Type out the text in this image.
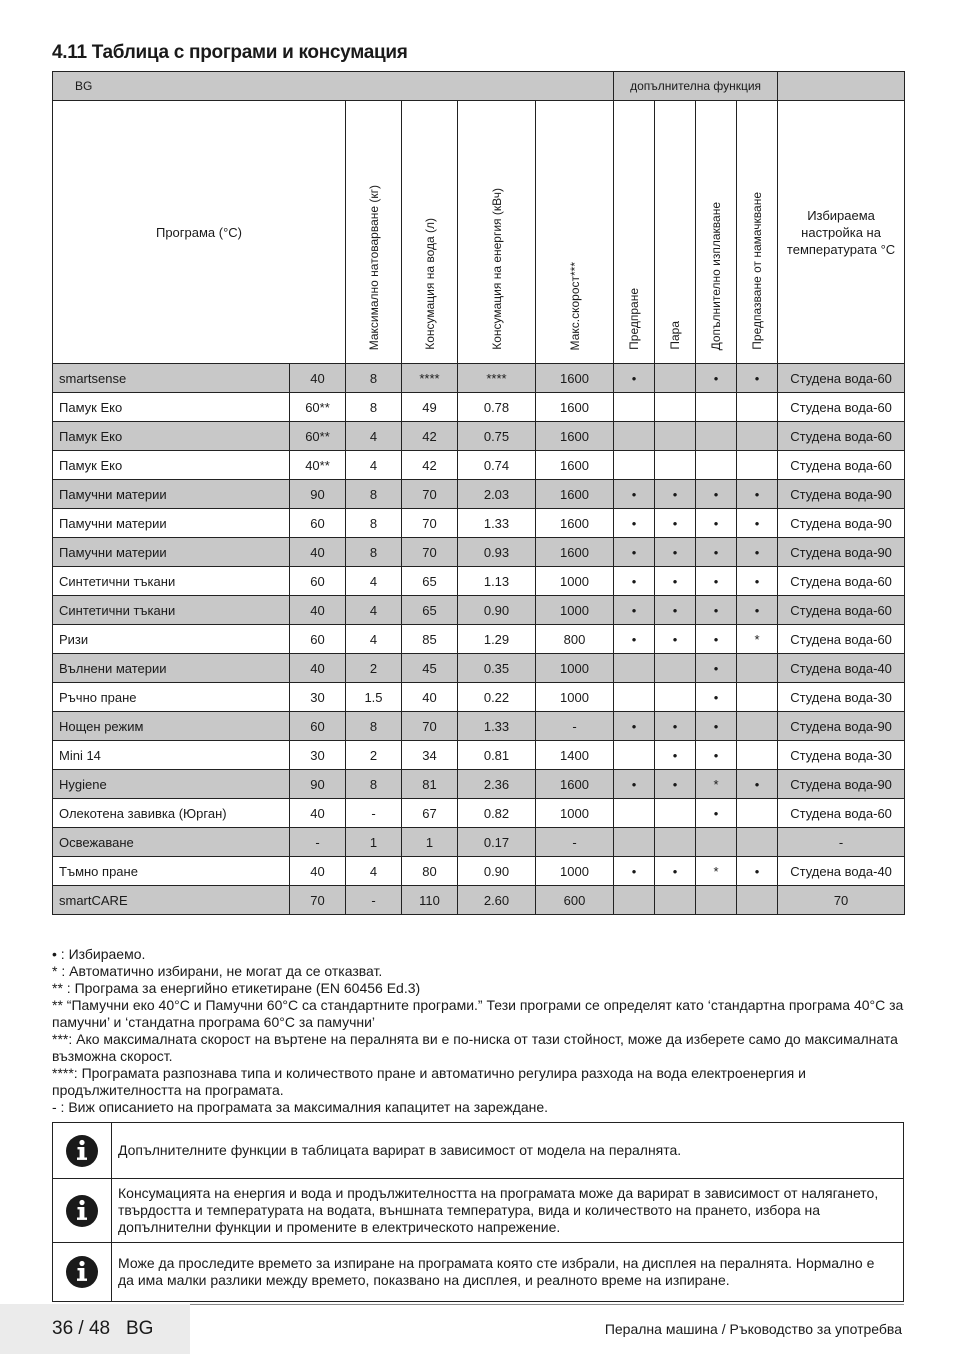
4.11 Таблица с програми и консумация
BG						допълнителна функция				
Програма (°C)		Максимално натоварване (кг)	Консумация на вода (л)	Консумация на енергия (кВч)	Макс.скорост***	Предпране	Пара	Допълнително изплакване	Предпазване от намачкване	Избираема настройка на температурата °C
smartsense	40	8	****	****	1600	•		•	•	Студена вода-60
Памук Еко	60**	8	49	0.78	1600					Студена вода-60
Памук Еко	60**	4	42	0.75	1600					Студена вода-60
Памук Еко	40**	4	42	0.74	1600					Студена вода-60
Памучни материи	90	8	70	2.03	1600	•	•	•	•	Студена вода-90
Памучни материи	60	8	70	1.33	1600	•	•	•	•	Студена вода-90
Памучни материи	40	8	70	0.93	1600	•	•	•	•	Студена вода-90
Синтетични тъкани	60	4	65	1.13	1000	•	•	•	•	Студена вода-60
Синтетични тъкани	40	4	65	0.90	1000	•	•	•	•	Студена вода-60
Ризи	60	4	85	1.29	800	•	•	•	*	Студена вода-60
Вълнени материи	40	2	45	0.35	1000			•		Студена вода-40
Ръчно пране	30	1.5	40	0.22	1000			•		Студена вода-30
Нощен режим	60	8	70	1.33	-	•	•	•		Студена вода-90
Mini 14	30	2	34	0.81	1400		•	•		Студена вода-30
Hygiene	90	8	81	2.36	1600	•	•	*	•	Студена вода-90
Олекотена завивка (Юрган)	40	-	67	0.82	1000			•		Студена вода-60
Освежаване	-	1	1	0.17	-					-
Тъмно пране	40	4	80	0.90	1000	•	•	*	•	Студена вода-40
smartCARE	70	-	110	2.60	600					70
• : Избираемо.
* : Автоматично избирани, не могат да се отказват.
** : Програма за енергийно етикетиране (EN 60456 Ed.3)
** “Памучни еко 40°C и Памучни 60°C са стандартните програми.” Тези програми се определят като ‘стандартна програма 40°C за памучни’ и ‘стандатна програма 60°C за памучни’
***: Ако максималната скорост на въртене на пералнята ви е по-ниска от тази стойност, може да изберете само до максималната възможна скорост.
****: Програмата разпознава типа и количеството пране и автоматично регулира разхода на вода електроенергия и продължителността на програмата.
- : Виж описанието на програмата за максималния капацитет на зареждане.
Допълнителните функции в таблицата варират в зависимост от модела на пералнята.
Консумацията на енергия и вода и продължителността на програмата може да варират в зависимост от налягането, твърдостта и температурата на водата, външната температура, вида и количеството на прането, избора на допълнителни функции и промените в електрическото напрежение.
Може да проследите времето за изпиране на програмата която сте избрали, на дисплея на пералнята. Нормално е да има малки разлики между времето, показвано на дисплея, и реалното време на изпиране.
36 / 48 BG	Перална машина / Ръководство за употребва
